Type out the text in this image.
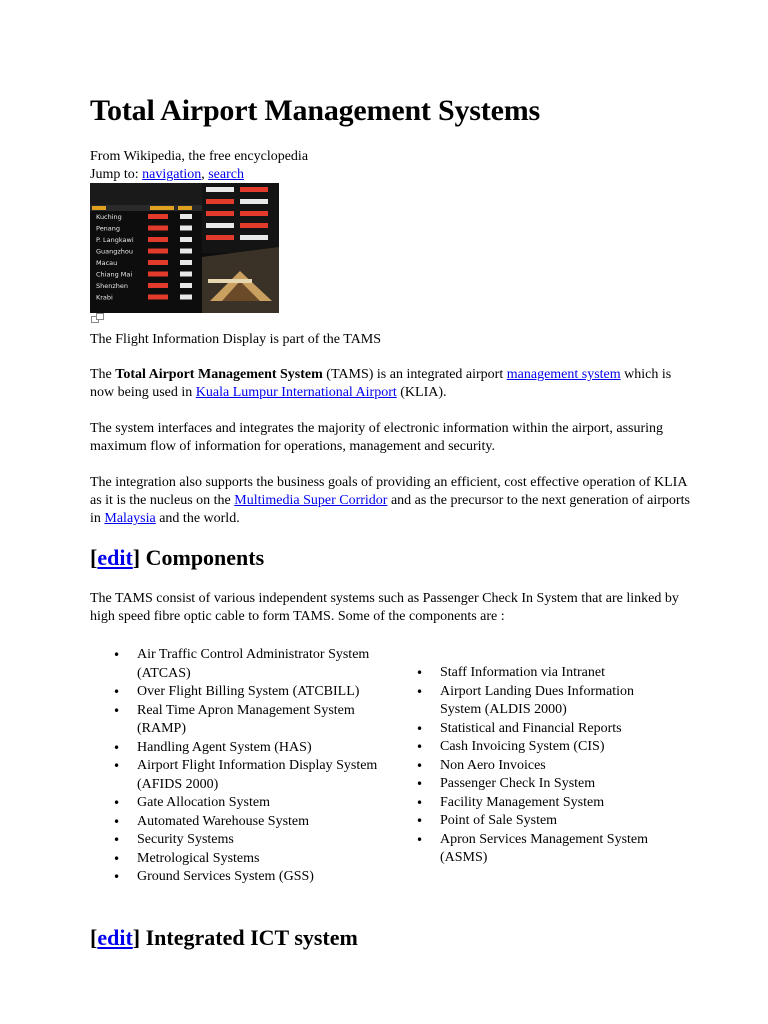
Total Airport Management Systems
From Wikipedia, the free encyclopedia
Jump to: navigation, search
Kuching
Penang
P. Langkawi
Guangzhou
Macau
Chiang Mai
Shenzhen
Krabi
The Flight Information Display is part of the TAMS

The Total Airport Management System (TAMS) is an integrated airport management system which is now being used in Kuala Lumpur International Airport (KLIA).

The system interfaces and integrates the majority of electronic information within the airport, assuring maximum flow of information for operations, management and security.

The integration also supports the business goals of providing an efficient, cost effective operation of KLIA as it is the nucleus on the Multimedia Super Corridor and as the precursor to the next generation of airports in Malaysia and the world.

[edit] Components

The TAMS consist of various independent systems such as Passenger Check In System that are linked by high speed fibre optic cable to form TAMS. Some of the components are :

• Air Traffic Control Administrator System (ATCAS)
• Over Flight Billing System (ATCBILL)
• Real Time Apron Management System (RAMP)
• Handling Agent System (HAS)
• Airport Flight Information Display System (AFIDS 2000)
• Gate Allocation System
• Automated Warehouse System
• Security Systems
• Metrological Systems
• Ground Services System (GSS)
• Staff Information via Intranet
• Airport Landing Dues Information System (ALDIS 2000)
• Statistical and Financial Reports
• Cash Invoicing System (CIS)
• Non Aero Invoices
• Passenger Check In System
• Facility Management System
• Point of Sale System
• Apron Services Management System (ASMS)
[edit] Integrated ICT system
